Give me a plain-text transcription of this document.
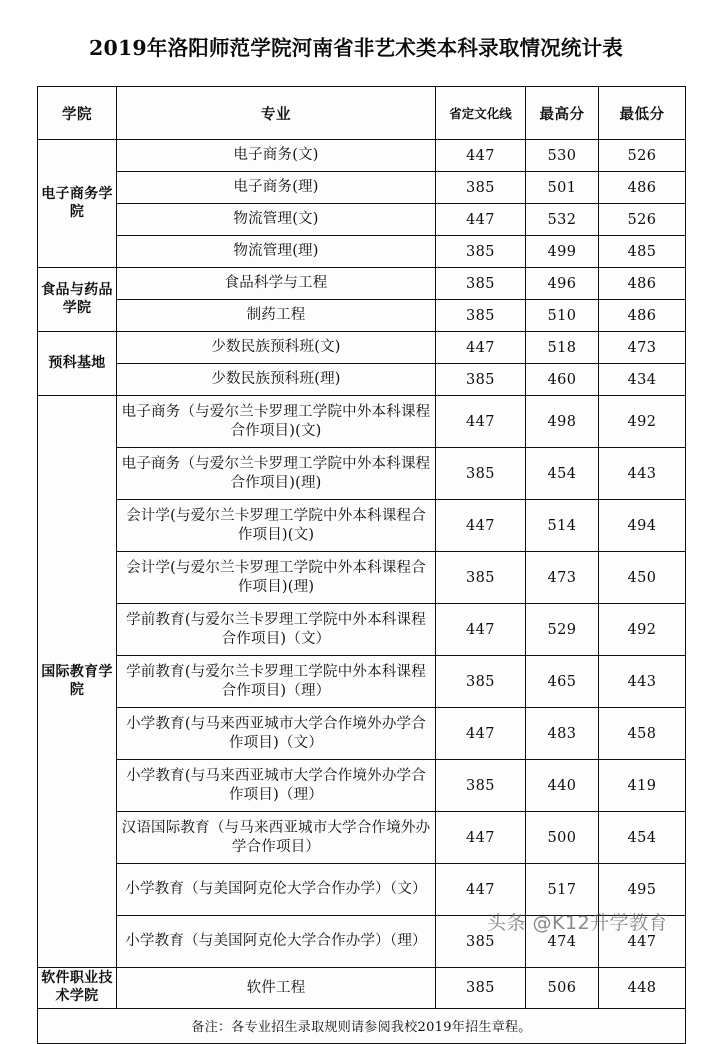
2019年洛阳师范学院河南省非艺术类本科录取情况统计表
学院	专业	省定文化线	最高分	最低分
电子商务学院	电子商务(文)	447	530	526
	电子商务(理)	385	501	486
	物流管理(文)	447	532	526
	物流管理(理)	385	499	485
食品与药品学院	食品科学与工程	385	496	486
	制药工程	385	510	486
预科基地	少数民族预科班(文)	447	518	473
	少数民族预科班(理)	385	460	434
国际教育学院	电子商务（与爱尔兰卡罗理工学院中外本科课程合作项目)(文)	447	498	492
	电子商务（与爱尔兰卡罗理工学院中外本科课程合作项目)(理)	385	454	443
	会计学(与爱尔兰卡罗理工学院中外本科课程合作项目)(文)	447	514	494
	会计学(与爱尔兰卡罗理工学院中外本科课程合作项目)(理)	385	473	450
	学前教育(与爱尔兰卡罗理工学院中外本科课程合作项目)（文）	447	529	492
	学前教育(与爱尔兰卡罗理工学院中外本科课程合作项目)（理）	385	465	443
	小学教育(与马来西亚城市大学合作境外办学合作项目)（文）	447	483	458
	小学教育(与马来西亚城市大学合作境外办学合作项目)（理）	385	440	419
	汉语国际教育（与马来西亚城市大学合作境外办学合作项目）	447	500	454
	小学教育（与美国阿克伦大学合作办学）（文）	447	517	495
	小学教育（与美国阿克伦大学合作办学）（理）	385	474	447
软件职业技术学院	软件工程	385	506	448
备注：各专业招生录取规则请参阅我校2019年招生章程。				
头条 @K12升学教育
